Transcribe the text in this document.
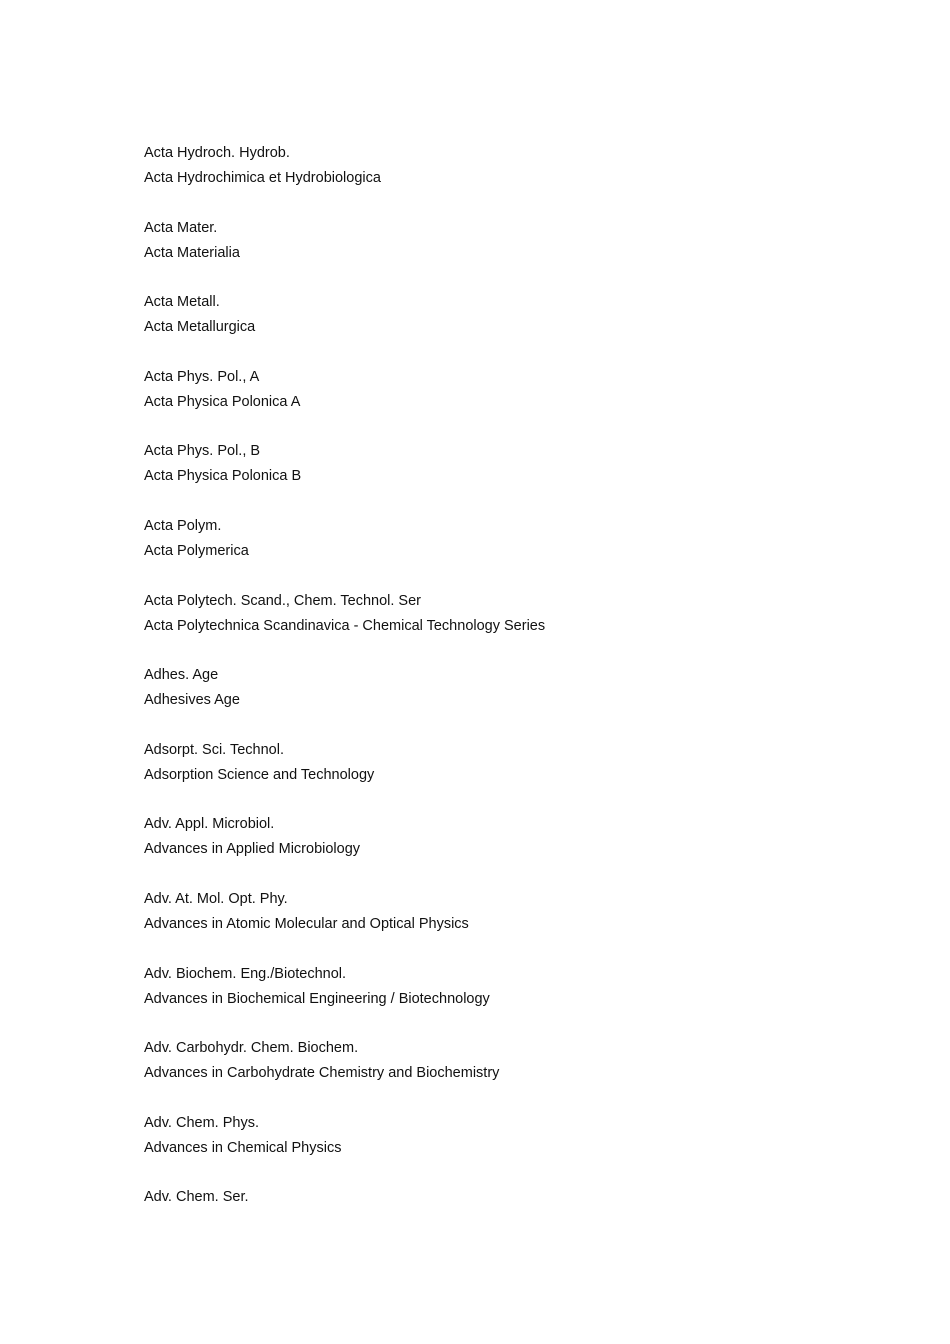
Acta Hydroch. Hydrob.
Acta Hydrochimica et Hydrobiologica
Acta Mater.
Acta Materialia
Acta Metall.
Acta Metallurgica
Acta Phys. Pol., A
Acta Physica Polonica A
Acta Phys. Pol., B
Acta Physica Polonica B
Acta Polym.
Acta Polymerica
Acta Polytech. Scand., Chem. Technol. Ser
Acta Polytechnica Scandinavica - Chemical Technology Series
Adhes. Age
Adhesives Age
Adsorpt. Sci. Technol.
Adsorption Science and Technology
Adv. Appl. Microbiol.
Advances in Applied Microbiology
Adv. At. Mol. Opt. Phy.
Advances in Atomic Molecular and Optical Physics
Adv. Biochem. Eng./Biotechnol.
Advances in Biochemical Engineering / Biotechnology
Adv. Carbohydr. Chem. Biochem.
Advances in Carbohydrate Chemistry and Biochemistry
Adv. Chem. Phys.
Advances in Chemical Physics
Adv. Chem. Ser.
